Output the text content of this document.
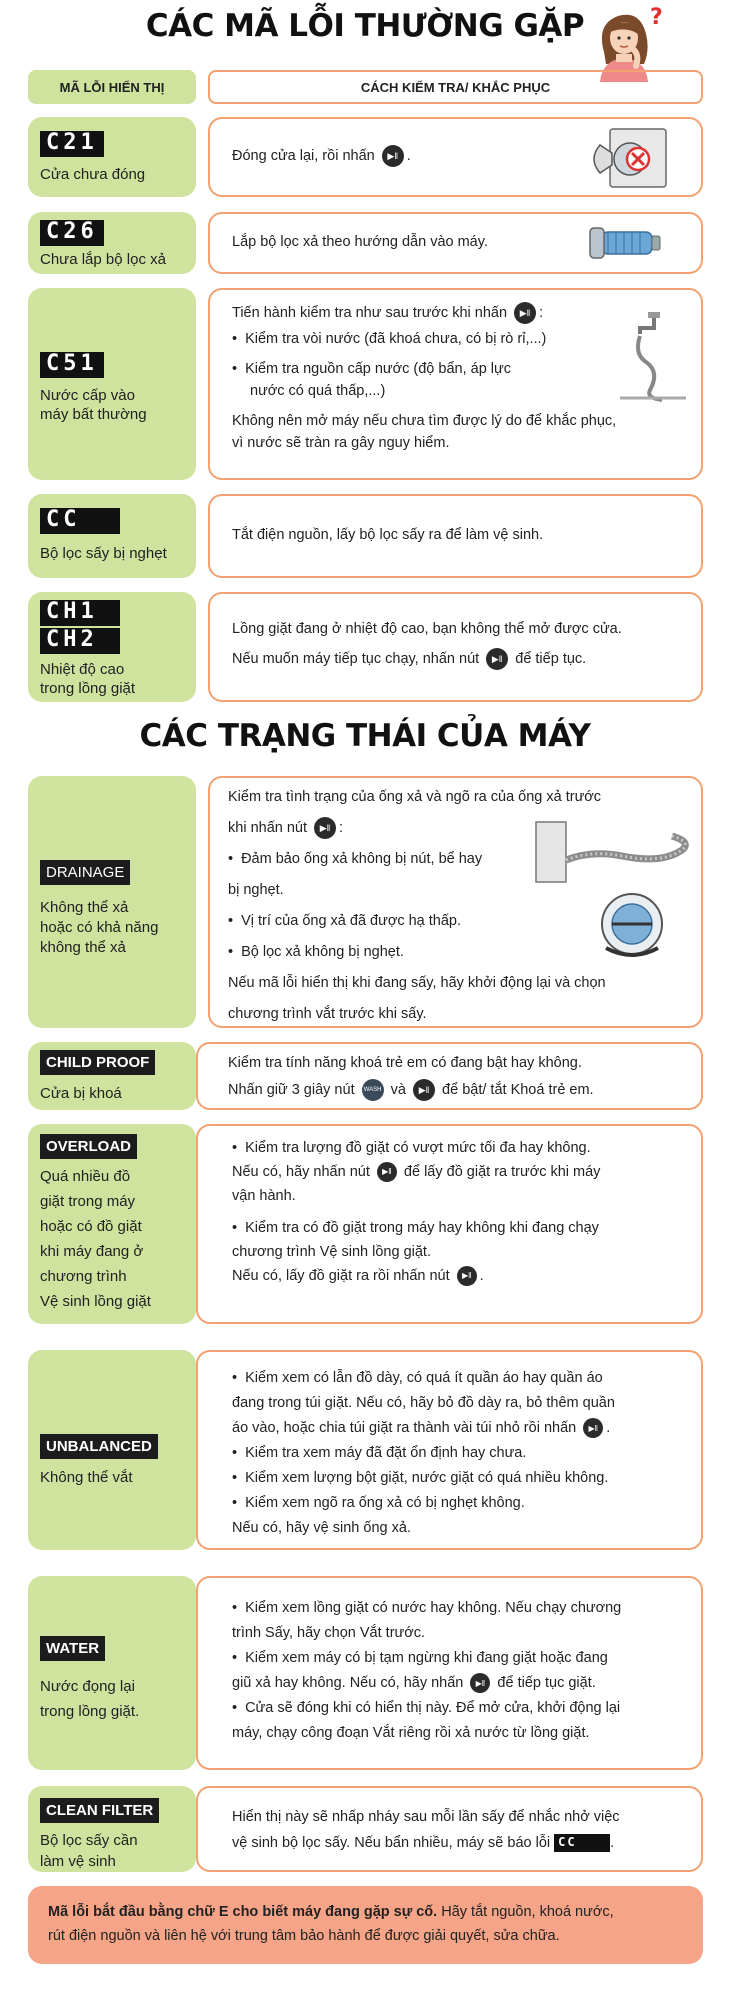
CÁC MÃ LỖI THƯỜNG GẶP	?
MÃ LỖI HIỂN THỊ	CÁCH KIỂM TRA/ KHẮC PHỤC
C21
Cửa chưa đóng
Đóng cửa lại, rồi nhấn ▶‖ .
C26
Chưa lắp bộ lọc xả
Lắp bộ lọc xả theo hướng dẫn vào máy.
C51
Nước cấp vào
máy bất thường
Tiến hành kiểm tra như sau trước khi nhấn ▶‖ :
• Kiểm tra vòi nước (đã khoá chưa, có bị rò rỉ,...)
• Kiểm tra nguồn cấp nước (độ bẩn, áp lực
nước có quá thấp,...)
Không nên mở máy nếu chưa tìm được lý do để khắc phục,
vì nước sẽ tràn ra gây nguy hiểm.
CC
Bộ lọc sấy bị nghẹt
Tắt điện nguồn, lấy bộ lọc sấy ra để làm vệ sinh.
CH1
CH2
Nhiệt độ cao
trong lồng giặt
Lồng giặt đang ở nhiệt độ cao, bạn không thể mở được cửa.
Nếu muốn máy tiếp tục chạy, nhấn nút ▶‖ để tiếp tục.
CÁC TRẠNG THÁI CỦA MÁY
DRAINAGE
Không thể xả
hoặc có khả năng
không thể xả
Kiểm tra tình trạng của ống xả và ngõ ra của ống xả trước
khi nhấn nút ▶‖ :
• Đảm bảo ống xả không bị nút, bể hay
bị nghẹt.
• Vị trí của ống xả đã được hạ thấp.
• Bộ lọc xả không bị nghẹt.
Nếu mã lỗi hiển thị khi đang sấy, hãy khởi động lại và chọn
chương trình vắt trước khi sấy.
CHILD PROOF
Cửa bị khoá
Kiểm tra tính năng khoá trẻ em có đang bật hay không.
Nhấn giữ 3 giây nút WASH và ▶‖ để bật/ tắt Khoá trẻ em.
OVERLOAD
Quá nhiều đồ
giặt trong máy
hoặc có đồ giặt
khi máy đang ở
chương trình
Vệ sinh lồng giặt
• Kiểm tra lượng đồ giặt có vượt mức tối đa hay không.
Nếu có, hãy nhấn nút ▶‖ để lấy đồ giặt ra trước khi máy
vận hành.
• Kiểm tra có đồ giặt trong máy hay không khi đang chạy
chương trình Vệ sinh lồng giặt.
Nếu có, lấy đồ giặt ra rồi nhấn nút ▶‖ .
UNBALANCED
Không thể vắt
• Kiểm xem có lẫn đồ dày, có quá ít quần áo hay quần áo
đang trong túi giặt. Nếu có, hãy bỏ đồ dày ra, bỏ thêm quần
áo vào, hoặc chia túi giặt ra thành vài túi nhỏ rồi nhấn ▶‖ .
• Kiểm tra xem máy đã đặt ổn định hay chưa.
• Kiểm xem lượng bột giặt, nước giặt có quá nhiều không.
• Kiểm xem ngõ ra ống xả có bị nghẹt không.
Nếu có, hãy vệ sinh ống xả.
WATER
Nước đọng lại
trong lồng giặt.
• Kiểm xem lồng giặt có nước hay không. Nếu chạy chương
trình Sấy, hãy chọn Vắt trước.
• Kiểm xem máy có bị tạm ngừng khi đang giặt hoặc đang
giũ xả hay không. Nếu có, hãy nhấn ▶‖ để tiếp tục giặt.
• Cửa sẽ đóng khi có hiển thị này. Để mở cửa, khởi động lại
máy, chạy công đoạn Vắt riêng rồi xả nước từ lồng giặt.
CLEAN FILTER
Bộ lọc sấy cần
làm vệ sinh
Hiển thị này sẽ nhấp nháy sau mỗi lần sấy để nhắc nhở việc
vệ sinh bộ lọc sấy. Nếu bẩn nhiều, máy sẽ báo lỗi CC .
Mã lỗi bắt đầu bằng chữ E cho biết máy đang gặp sự cố. Hãy tắt nguồn, khoá nước,
rút điện nguồn và liên hệ với trung tâm bảo hành để được giải quyết, sửa chữa.
